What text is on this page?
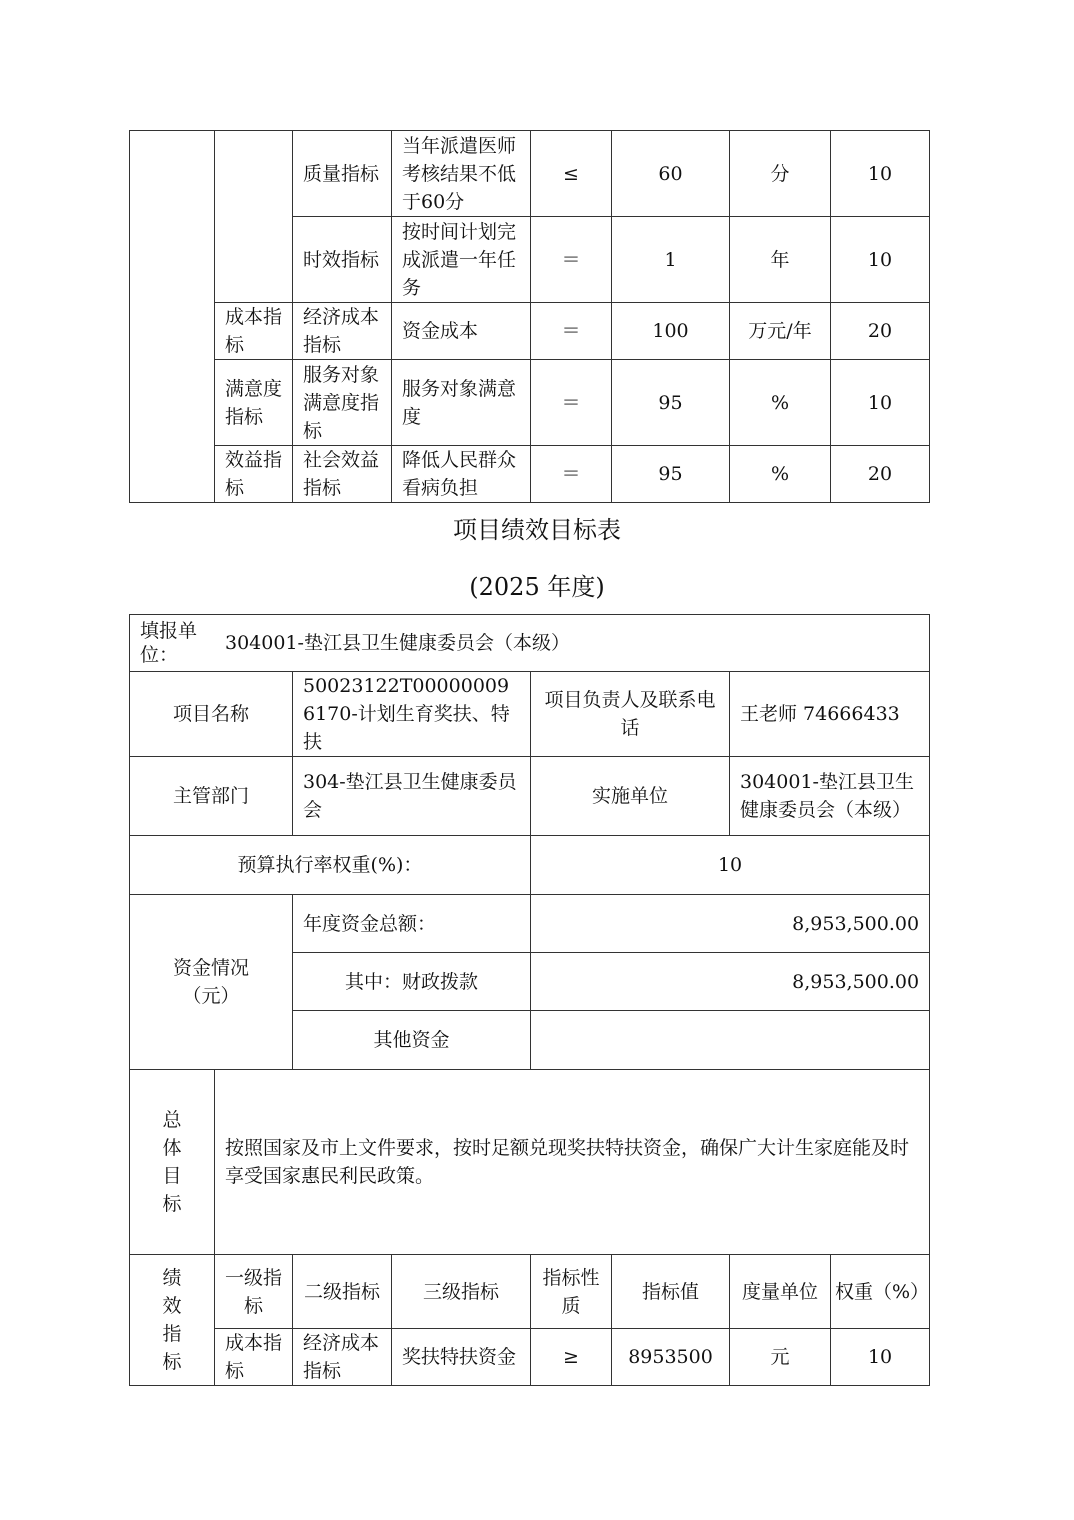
		质量指标	当年派遣医师考核结果不低于60分	≤	60	分	10
		时效指标	按时间计划完成派遣一年任务	＝	1	年	10
	成本指标	经济成本指标	资金成本	＝	100	万元/年	20
	满意度指标	服务对象满意度指标	服务对象满意度	＝	95	%	10
	效益指标	社会效益指标	降低人民群众看病负担	＝	95	%	20
项目绩效目标表
(2025 年度)
填报单位：
304001-垫江县卫生健康委员会（本级）							

项目名称		50023122T000000096170-计划生育奖扶、特扶		项目负责人及联系电话		王老师 74666433	
主管部门		304-垫江县卫生健康委员会		实施单位		304001-垫江县卫生健康委员会（本级）	
预算执行率权重(%)：				10			
资金情况（元）		年度资金总额：		8,953,500.00			
		其中：财政拨款		8,953,500.00			
		其他资金					
总体目标	按照国家及市上文件要求，按时足额兑现奖扶特扶资金，确保广大计生家庭能及时享受国家惠民利民政策。						
绩效指标	一级指标	二级指标	三级指标	指标性质	指标值	度量单位	权重（%）
	成本指标	经济成本指标	奖扶特扶资金	≥	8953500	元	10
